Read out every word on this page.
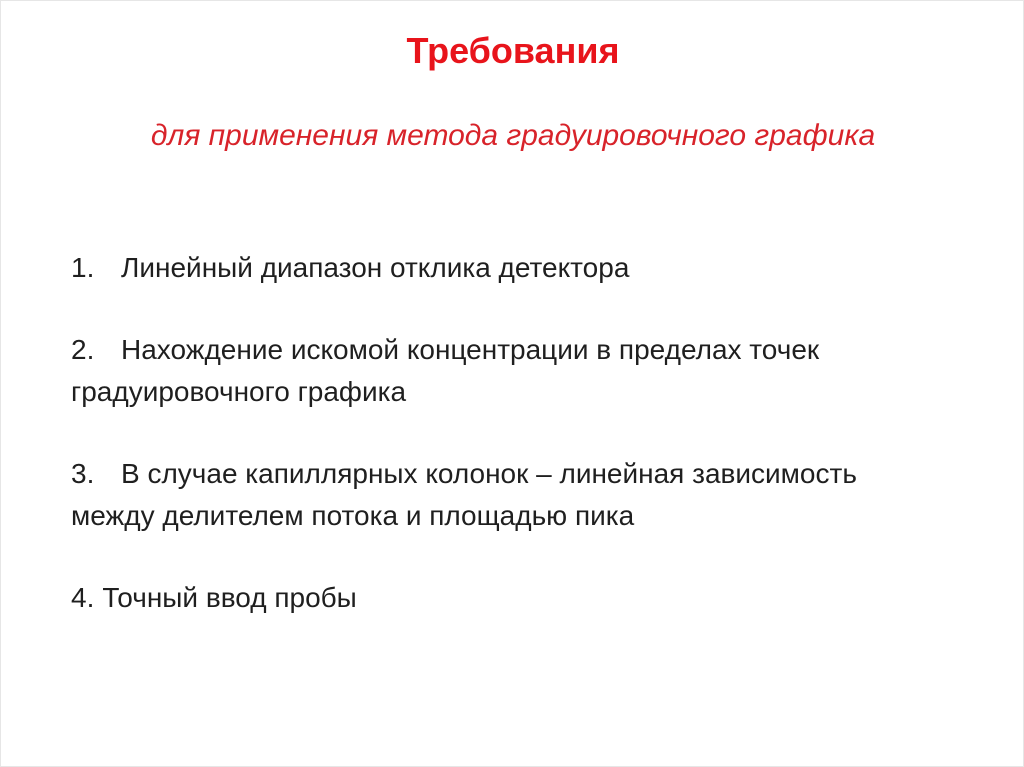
Требования
для применения метода градуировочного графика

1. Линейный диапазон отклика детектора

2. Нахождение искомой концентрации в пределах точек

градуировочного графика

3. В случае капиллярных колонок – линейная зависимость

между делителем потока и площадью пика

4. Точный ввод пробы
